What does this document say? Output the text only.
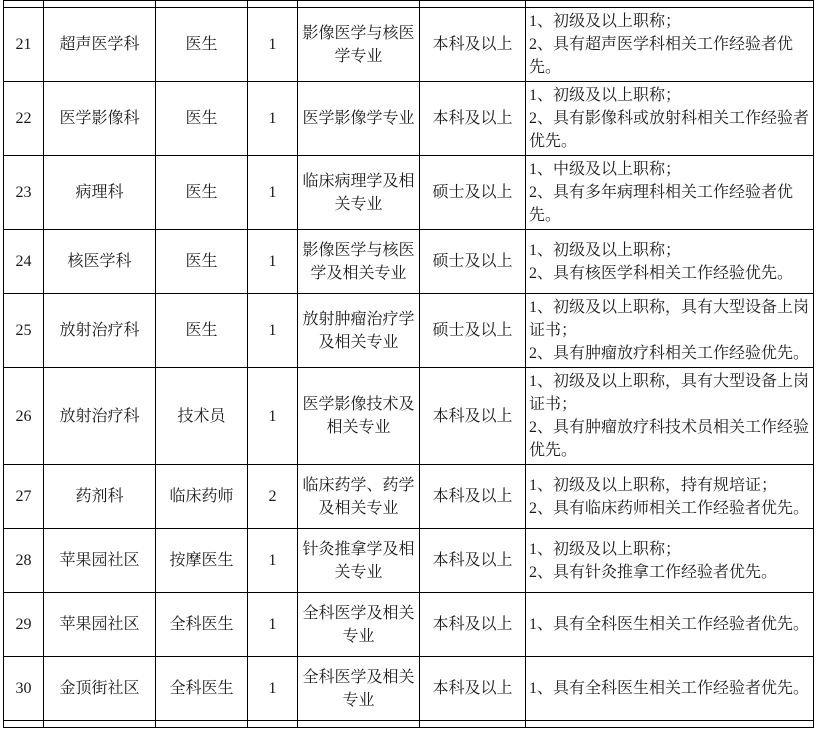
21	超声医学科	医生	1	影像医学与核医学专业	本科及以上	1、初级及以上职称；
2、具有超声医学科相关工作经验者优先。

22	医学影像科	医生	1	医学影像学专业	本科及以上	1、初级及以上职称；
2、具有影像科或放射科相关工作经验者优先。

23	病理科	医生	1	临床病理学及相关专业	硕士及以上	1、中级及以上职称；
2、具有多年病理科相关工作经验者优先。

24	核医学科	医生	1	影像医学与核医学及相关专业	硕士及以上	1、初级及以上职称；
2、具有核医学科相关工作经验优先。

25	放射治疗科	医生	1	放射肿瘤治疗学及相关专业	硕士及以上	1、初级及以上职称，具有大型设备上岗证书；
2、具有肿瘤放疗科相关工作经验优先。

26	放射治疗科	技术员	1	医学影像技术及相关专业	本科及以上	1、初级及以上职称，具有大型设备上岗证书；
2、具有肿瘤放疗科技术员相关工作经验优先。

27	药剂科	临床药师	2	临床药学、药学及相关专业	本科及以上	1、初级及以上职称，持有规培证；
2、具有临床药师相关工作经验者优先。

28	苹果园社区	按摩医生	1	针灸推拿学及相关专业	本科及以上	1、初级及以上职称；
2、具有针灸推拿工作经验者优先。

29	苹果园社区	全科医生	1	全科医学及相关专业	本科及以上	1、具有全科医生相关工作经验者优先。

30	金顶街社区	全科医生	1	全科医学及相关专业	本科及以上	1、具有全科医生相关工作经验者优先。
